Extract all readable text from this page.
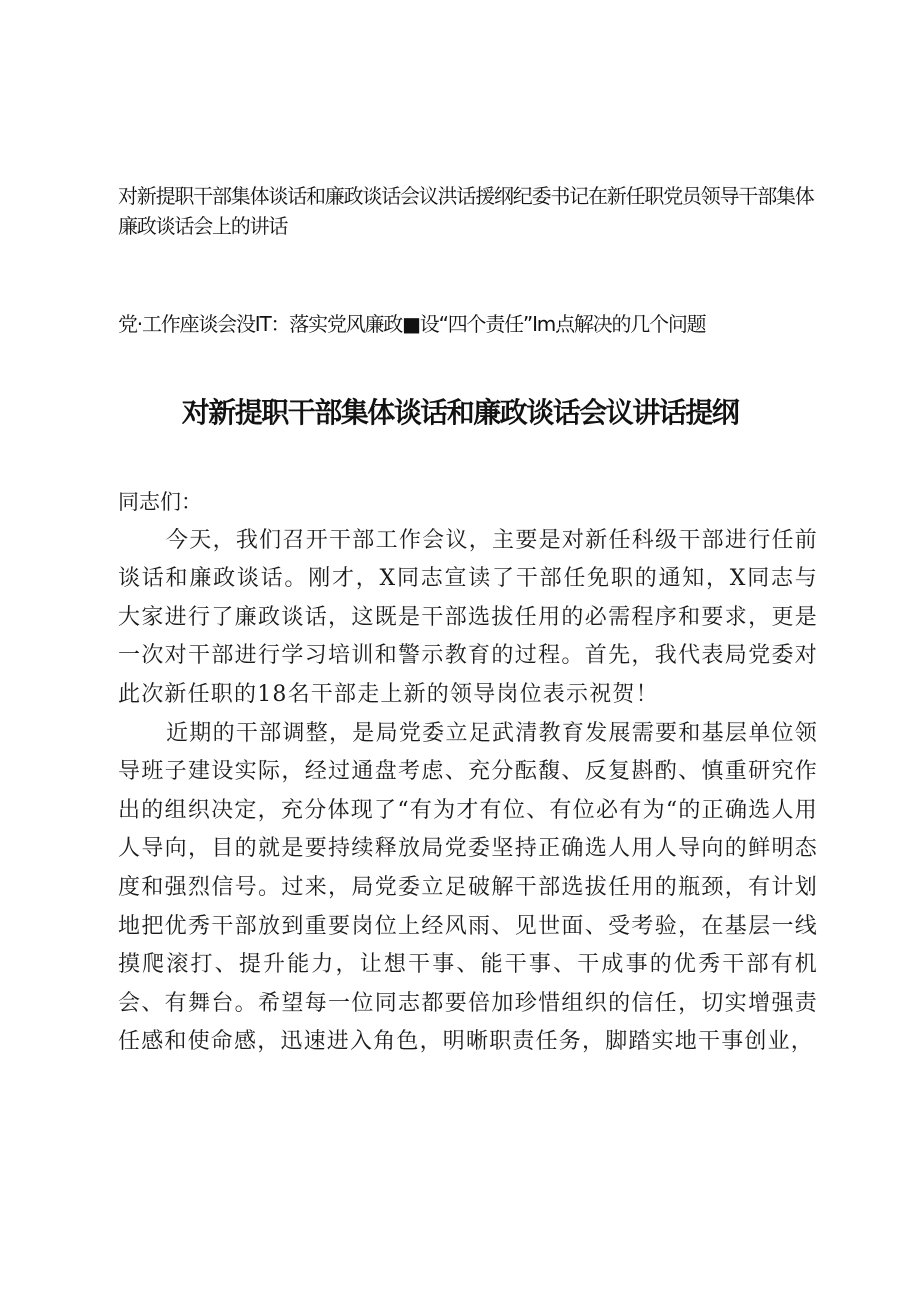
对新提职干部集体谈话和廉政谈话会议洪话援纲纪委书记在新任职党员领导干部集体廉政谈话会上的讲话

党·工作座谈会没IT：落实党风廉政■设“四个责任”Im点解决的几个问题

对新提职干部集体谈话和廉政谈话会议讲话提纲

同志们：

今天，我们召开干部工作会议，主要是对新任科级干部进行任前谈话和廉政谈话。刚才，X同志宣读了干部任免职的通知，X同志与大家进行了廉政谈话，这既是干部选拔任用的必需程序和要求，更是一次对干部进行学习培训和警示教育的过程。首先，我代表局党委对此次新任职的18名干部走上新的领导岗位表示祝贺！

近期的干部调整，是局党委立足武清教育发展需要和基层单位领导班子建设实际，经过通盘考虑、充分酝馥、反复斟酌、慎重研究作出的组织决定，充分体现了“有为才有位、有位必有为“的正确选人用人导向，目的就是要持续释放局党委坚持正确选人用人导向的鲜明态度和强烈信号。过来，局党委立足破解干部选拔任用的瓶颈，有计划地把优秀干部放到重要岗位上经风雨、见世面、受考验，在基层一线摸爬滚打、提升能力，让想干事、能干事、干成事的优秀干部有机会、有舞台。希望每一位同志都要倍加珍惜组织的信任，切实增强责任感和使命感，迅速进入角色，明晰职责任务，脚踏实地干事创业，
